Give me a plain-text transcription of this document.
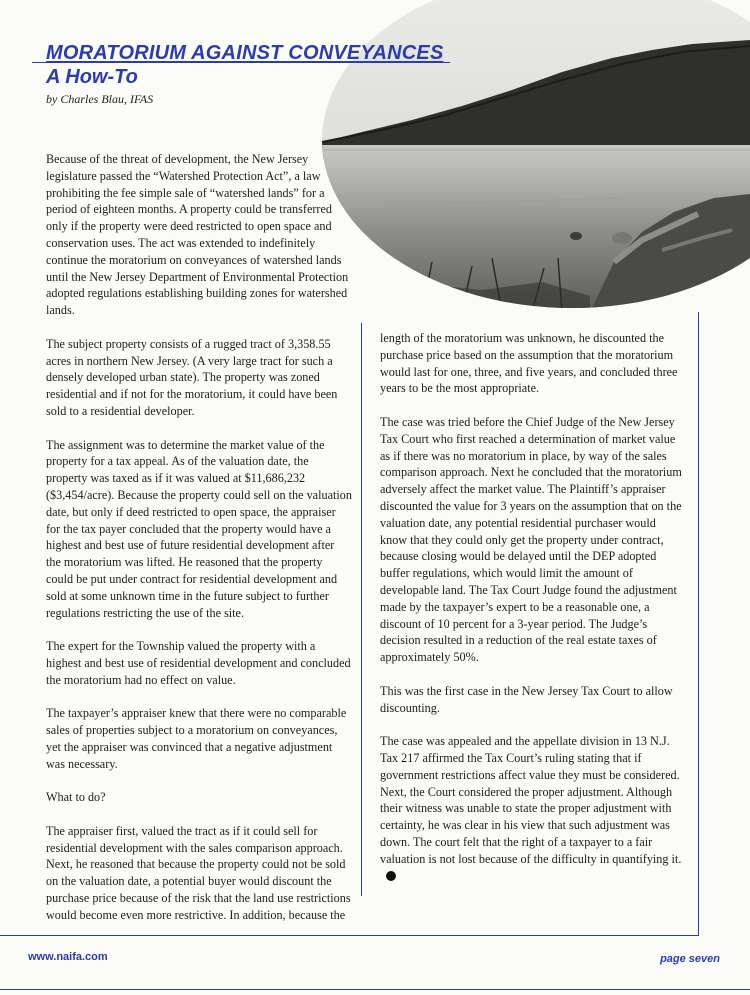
MORATORIUM AGAINST CONVEYANCES
A How-To

by Charles Blau, IFAS

Because of the threat of development, the New Jersey legislature passed the “Watershed Protection Act”, a law prohibiting the fee simple sale of “watershed lands” for a period of eighteen months. A property could be transferred only if the property were deed restricted to open space and conservation uses. The act was extended to indefinitely continue the moratorium on conveyances of watershed lands until the New Jersey Department of Environmental Protection adopted regulations establishing building zones for watershed lands.

The subject property consists of a rugged tract of 3,358.55 acres in northern New Jersey. (A very large tract for such a densely developed urban state). The property was zoned residential and if not for the moratorium, it could have been sold to a residential developer.

The assignment was to determine the market value of the property for a tax appeal. As of the valuation date, the property was taxed as if it was valued at $11,686,232 ($3,454/acre). Because the property could sell on the valuation date, but only if deed restricted to open space, the appraiser for the tax payer concluded that the property would have a highest and best use of future residential development after the moratorium was lifted. He reasoned that the property could be put under contract for residential development and sold at some unknown time in the future subject to further regulations restricting the use of the site.

The expert for the Township valued the property with a highest and best use of residential development and concluded the moratorium had no effect on value.

The taxpayer’s appraiser knew that there were no comparable sales of properties subject to a moratorium on conveyances, yet the appraiser was convinced that a negative adjustment was necessary.

What to do?

The appraiser first, valued the tract as if it could sell for residential development with the sales comparison approach. Next, he reasoned that because the property could not be sold on the valuation date, a potential buyer would discount the purchase price because of the risk that the land use restrictions would become even more restrictive. In addition, because the

length of the moratorium was unknown, he discounted the purchase price based on the assumption that the moratorium would last for one, three, and five years, and concluded three years to be the most appropriate.

The case was tried before the Chief Judge of the New Jersey Tax Court who first reached a determination of market value as if there was no moratorium in place, by way of the sales comparison approach. Next he concluded that the moratorium adversely affect the market value. The Plaintiff’s appraiser discounted the value for 3 years on the assumption that on the valuation date, any potential residential purchaser would know that they could only get the property under contract, because closing would be delayed until the DEP adopted buffer regulations, which would limit the amount of developable land. The Tax Court Judge found the adjustment made by the taxpayer’s expert to be a reasonable one, a discount of 10 percent for a 3-year period. The Judge’s decision resulted in a reduction of the real estate taxes of approximately 50%.

This was the first case in the New Jersey Tax Court to allow discounting.

The case was appealed and the appellate division in 13 N.J. Tax 217 affirmed the Tax Court’s ruling stating that if government restrictions affect value they must be considered. Next, the Court considered the proper adjustment. Although their witness was unable to state the proper adjustment with certainty, he was clear in his view that such adjustment was down. The court felt that the right of a taxpayer to a fair valuation is not lost because of the difficulty in quantifying it.

www.naifa.com	page seven
